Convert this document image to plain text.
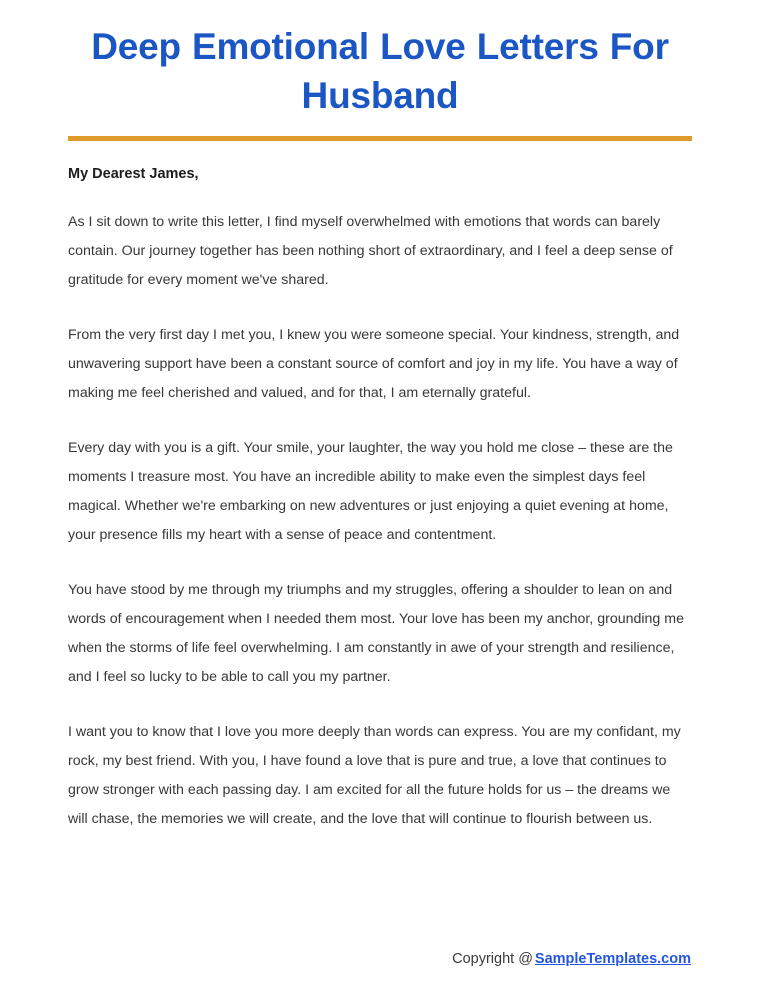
Deep Emotional Love Letters For Husband

My Dearest James,

As I sit down to write this letter, I find myself overwhelmed with emotions that words can barely contain. Our journey together has been nothing short of extraordinary, and I feel a deep sense of gratitude for every moment we've shared.

From the very first day I met you, I knew you were someone special. Your kindness, strength, and unwavering support have been a constant source of comfort and joy in my life. You have a way of making me feel cherished and valued, and for that, I am eternally grateful.

Every day with you is a gift. Your smile, your laughter, the way you hold me close – these are the moments I treasure most. You have an incredible ability to make even the simplest days feel magical. Whether we're embarking on new adventures or just enjoying a quiet evening at home, your presence fills my heart with a sense of peace and contentment.

You have stood by me through my triumphs and my struggles, offering a shoulder to lean on and words of encouragement when I needed them most. Your love has been my anchor, grounding me when the storms of life feel overwhelming. I am constantly in awe of your strength and resilience, and I feel so lucky to be able to call you my partner.

I want you to know that I love you more deeply than words can express. You are my confidant, my rock, my best friend. With you, I have found a love that is pure and true, a love that continues to grow stronger with each passing day. I am excited for all the future holds for us – the dreams we will chase, the memories we will create, and the love that will continue to flourish between us.

Copyright @ SampleTemplates.com
